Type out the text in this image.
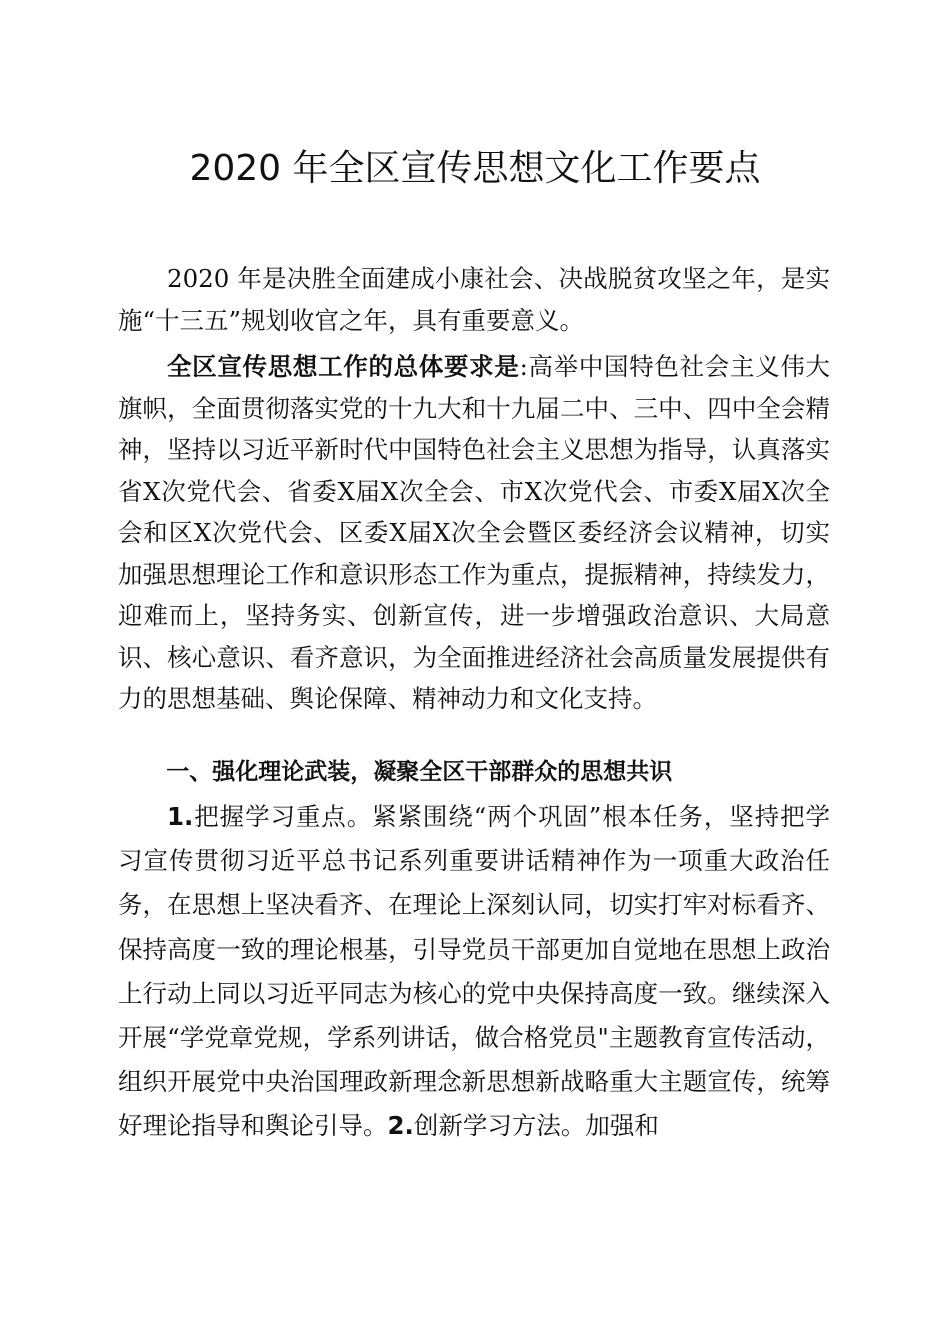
2020 年全区宣传思想文化工作要点

2020 年是决胜全面建成小康社会、决战脱贫攻坚之年，是实施“十三五”规划收官之年，具有重要意义。

全区宣传思想工作的总体要求是:高举中国特色社会主义伟大旗帜，全面贯彻落实党的十九大和十九届二中、三中、四中全会精神，坚持以习近平新时代中国特色社会主义思想为指导，认真落实省X次党代会、省委X届X次全会、市X次党代会、市委X届X次全会和区X次党代会、区委X届X次全会暨区委经济会议精神，切实加强思想理论工作和意识形态工作为重点，提振精神，持续发力，迎难而上，坚持务实、创新宣传，进一步增强政治意识、大局意识、核心意识、看齐意识，为全面推进经济社会高质量发展提供有力的思想基础、舆论保障、精神动力和文化支持。

一、强化理论武装，凝聚全区干部群众的思想共识

1.把握学习重点。紧紧围绕“两个巩固”根本任务，坚持把学习宣传贯彻习近平总书记系列重要讲话精神作为一项重大政治任务，在思想上坚决看齐、在理论上深刻认同，切实打牢对标看齐、保持高度一致的理论根基，引导党员干部更加自觉地在思想上政治上行动上同以习近平同志为核心的党中央保持高度一致。继续深入开展“学党章党规，学系列讲话，做合格党员"主题教育宣传活动，组织开展党中央治国理政新理念新思想新战略重大主题宣传，统筹好理论指导和舆论引导。2.创新学习方法。加强和
